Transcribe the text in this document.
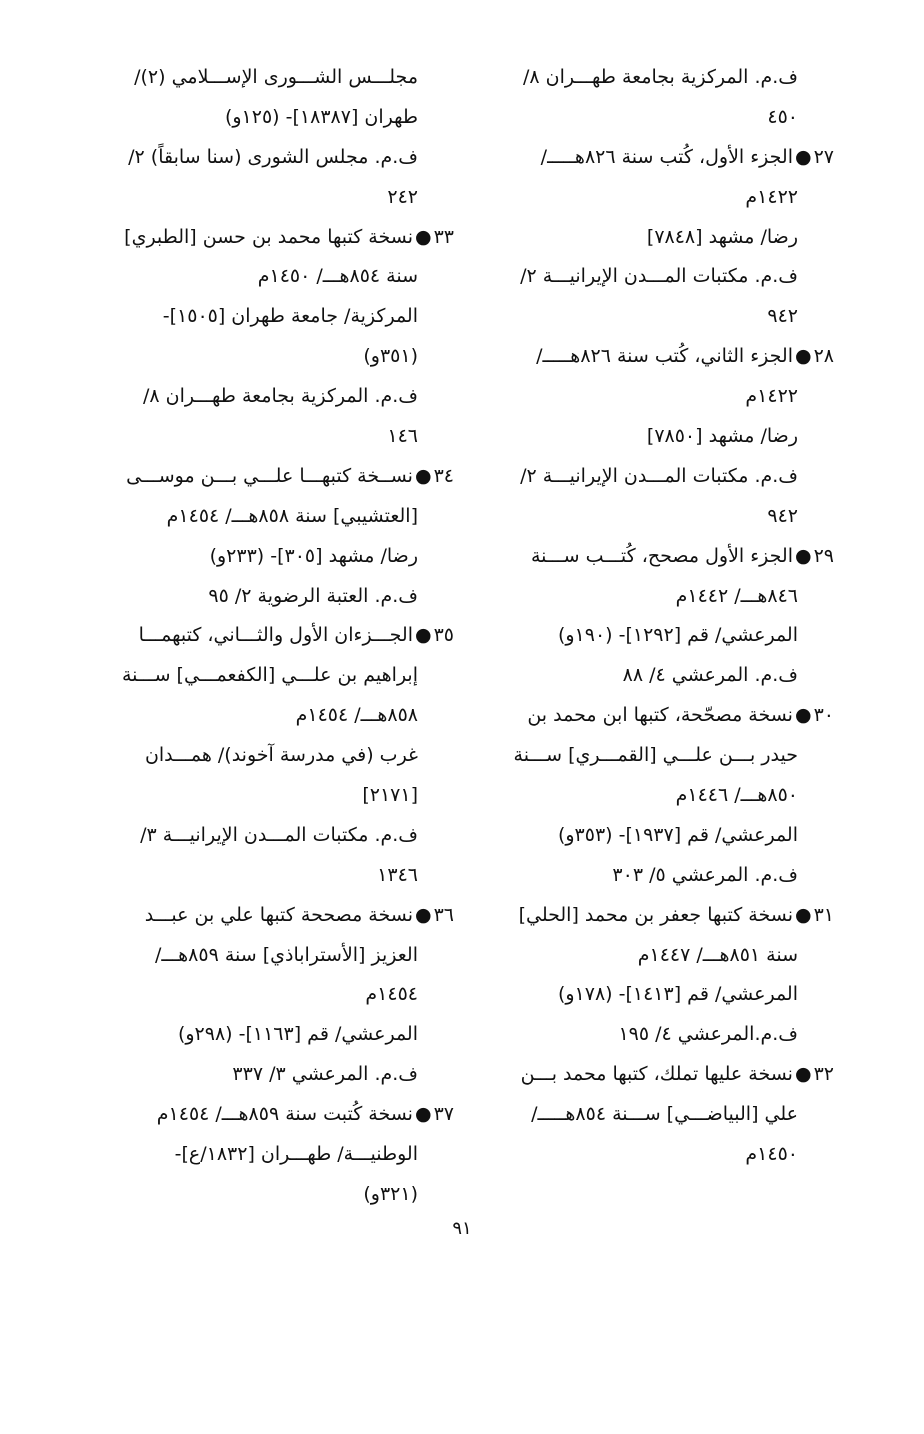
ف.م. المركزية بجامعة طهـــران ٨/
٤٥٠
٢٧●الجزء الأول، كُتب سنة ٨٢٦هـــــ/
١٤٢٢م
رضا/ مشهد [٧٨٤٨]
ف.م. مكتبات المـــدن الإيرانيـــة ٢/
٩٤٢
٢٨●الجزء الثاني، كُتب سنة ٨٢٦هـــــ/
١٤٢٢م
رضا/ مشهد [٧٨٥٠]
ف.م. مكتبات المـــدن الإيرانيـــة ٢/
٩٤٢
٢٩●الجزء الأول مصحح، كُتـــب ســـنة
٨٤٦هـــ/ ١٤٤٢م
المرعشي/ قم [١٢٩٢]- (١٩٠و)
ف.م. المرعشي ٤/ ٨٨
٣٠●نسخة مصحّحة، كتبها ابن محمد بن
حيدر بـــن علـــي [القمـــري] ســـنة
٨٥٠هـــ/ ١٤٤٦م
المرعشي/ قم [١٩٣٧]- (٣٥٣و)
ف.م. المرعشي ٥/ ٣٠٣
٣١●نسخة كتبها جعفر بن محمد [الحلي]
سنة ٨٥١هـــ/ ١٤٤٧م
المرعشي/ قم [١٤١٣]- (١٧٨و)
ف.م.المرعشي ٤/ ١٩٥
٣٢●نسخة عليها تملك، كتبها محمد بـــن
علي [البياضـــي] ســـنة ٨٥٤هـــــ/
١٤٥٠م
مجلـــس الشـــورى الإســـلامي (٢)/
طهران [١٨٣٨٧]- (١٢٥و)
ف.م. مجلس الشورى (سنا سابقاً) ٢/
٢٤٢
٣٣●نسخة كتبها محمد بن حسن [الطبري]
سنة ٨٥٤هـــ/ ١٤٥٠م
المركزية/ جامعة طهران [١٥٠٥]-
(٣٥١و)
ف.م. المركزية بجامعة طهـــران ٨/
١٤٦
٣٤●نســخة كتبهـــا علـــي بـــن موســـى
[العتشيبي] سنة ٨٥٨هـــ/ ١٤٥٤م
رضا/ مشهد [٣٠٥]- (٢٣٣و)
ف.م. العتبة الرضوية ٢/ ٩٥
٣٥●الجـــزءان الأول والثـــاني، كتبهمـــا
إبراهيم بن علـــي [الكفعمـــي] ســـنة
٨٥٨هـــ/ ١٤٥٤م
غرب (في مدرسة آخوند)/ همـــدان
[٢١٧١]
ف.م. مكتبات المـــدن الإيرانيـــة ٣/
١٣٤٦
٣٦●نسخة مصححة كتبها علي بن عبـــد
العزيز [الأستراباذي] سنة ٨٥٩هـــ/
١٤٥٤م
المرعشي/ قم [١١٦٣]- (٢٩٨و)
ف.م. المرعشي ٣/ ٣٣٧
٣٧●نسخة كُتبت سنة ٨٥٩هـــ/ ١٤٥٤م
الوطنيـــة/ طهـــران [١٨٣٢/ع]-
(٣٢١و)
٩١
